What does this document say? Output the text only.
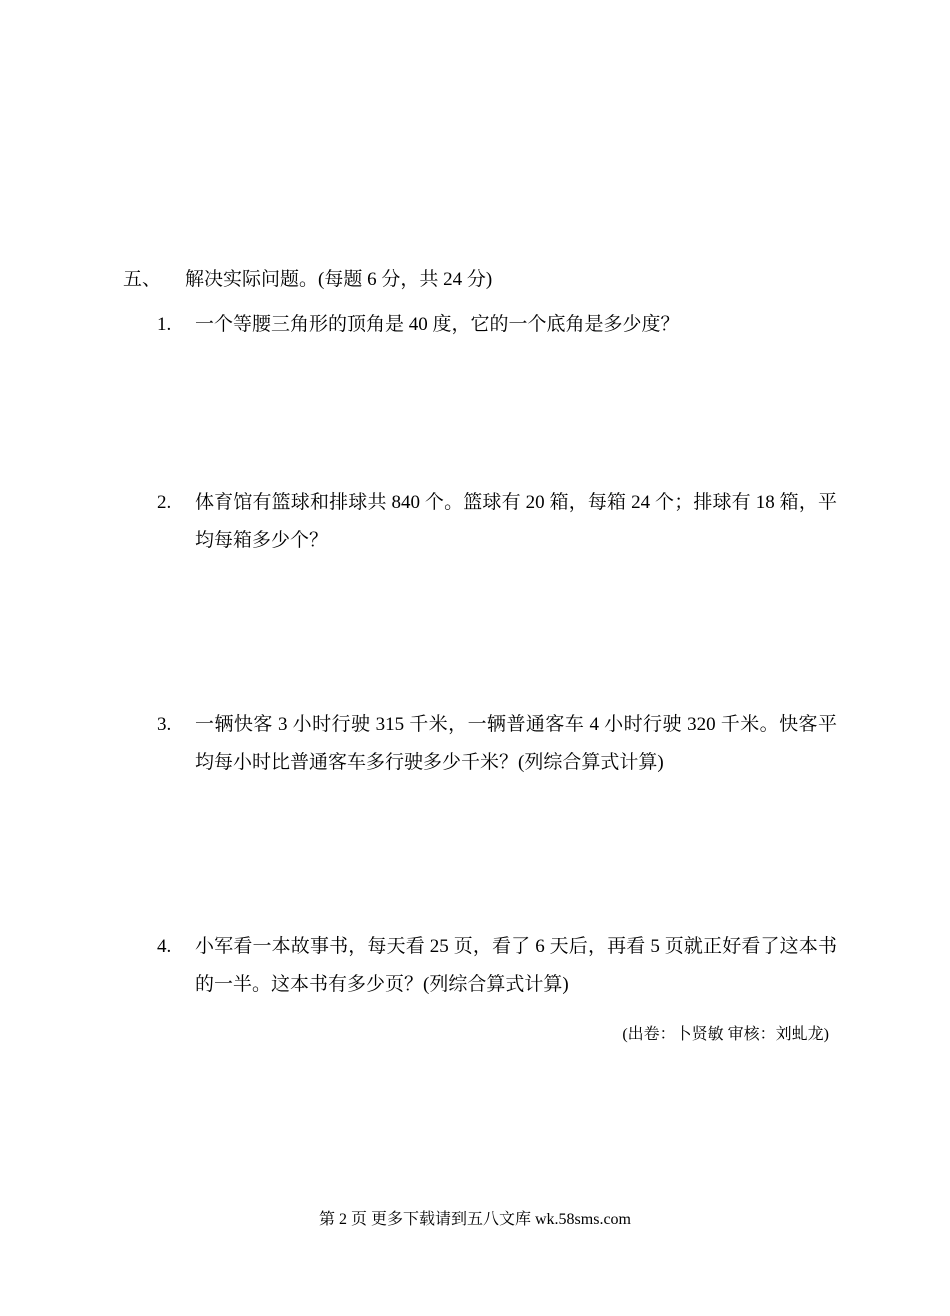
五、 解决实际问题。(每题 6 分，共 24 分)
1.	一个等腰三角形的顶角是 40 度，它的一个底角是多少度？
2.	体育馆有篮球和排球共 840 个。篮球有 20 箱，每箱 24 个；排球有 18 箱，平均每箱多少个？
3.	一辆快客 3 小时行驶 315 千米，一辆普通客车 4 小时行驶 320 千米。快客平均每小时比普通客车多行驶多少千米？(列综合算式计算)
4.	小军看一本故事书，每天看 25 页，看了 6 天后，再看 5 页就正好看了这本书的一半。这本书有多少页？(列综合算式计算)
(出卷：卜贤敏 审核：刘虬龙)
第 2 页 更多下载请到五八文库 wk.58sms.com
